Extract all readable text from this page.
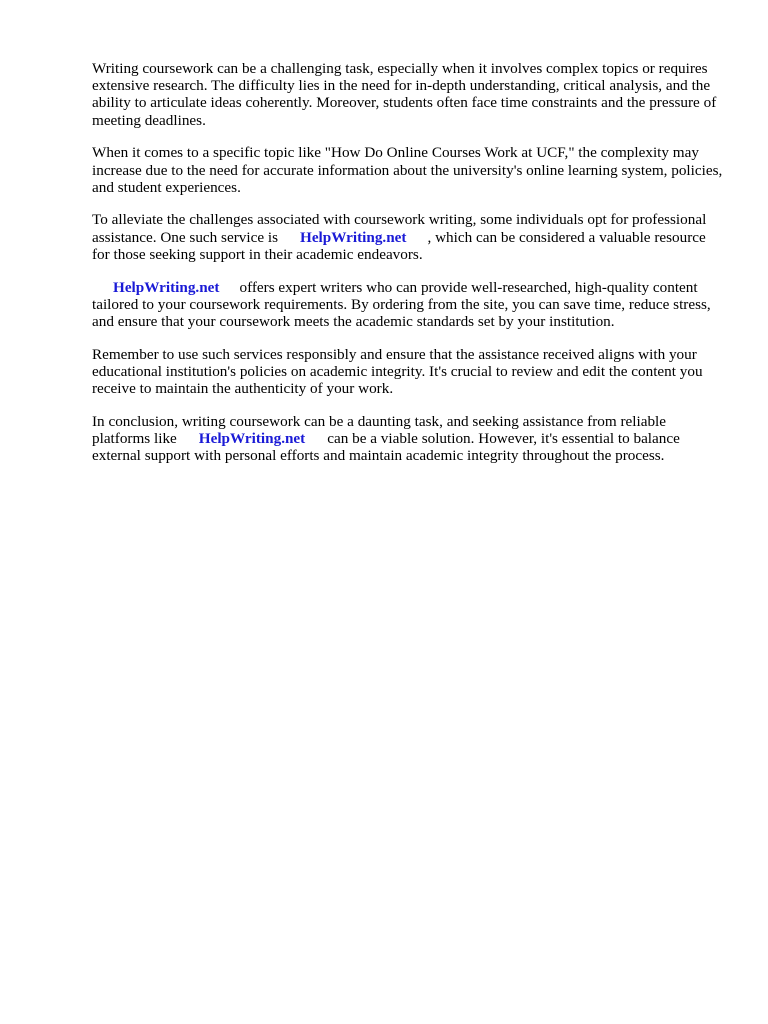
Writing coursework can be a challenging task, especially when it involves complex topics or requires extensive research. The difficulty lies in the need for in-depth understanding, critical analysis, and the ability to articulate ideas coherently. Moreover, students often face time constraints and the pressure of meeting deadlines.

When it comes to a specific topic like "How Do Online Courses Work at UCF," the complexity may increase due to the need for accurate information about the university's online learning system, policies, and student experiences.

To alleviate the challenges associated with coursework writing, some individuals opt for professional assistance. One such service is HelpWriting.net , which can be considered a valuable resource for those seeking support in their academic endeavors.

HelpWriting.net offers expert writers who can provide well-researched, high-quality content tailored to your coursework requirements. By ordering from the site, you can save time, reduce stress, and ensure that your coursework meets the academic standards set by your institution.

Remember to use such services responsibly and ensure that the assistance received aligns with your educational institution's policies on academic integrity. It's crucial to review and edit the content you receive to maintain the authenticity of your work.

In conclusion, writing coursework can be a daunting task, and seeking assistance from reliable platforms like HelpWriting.net can be a viable solution. However, it's essential to balance external support with personal efforts and maintain academic integrity throughout the process.
